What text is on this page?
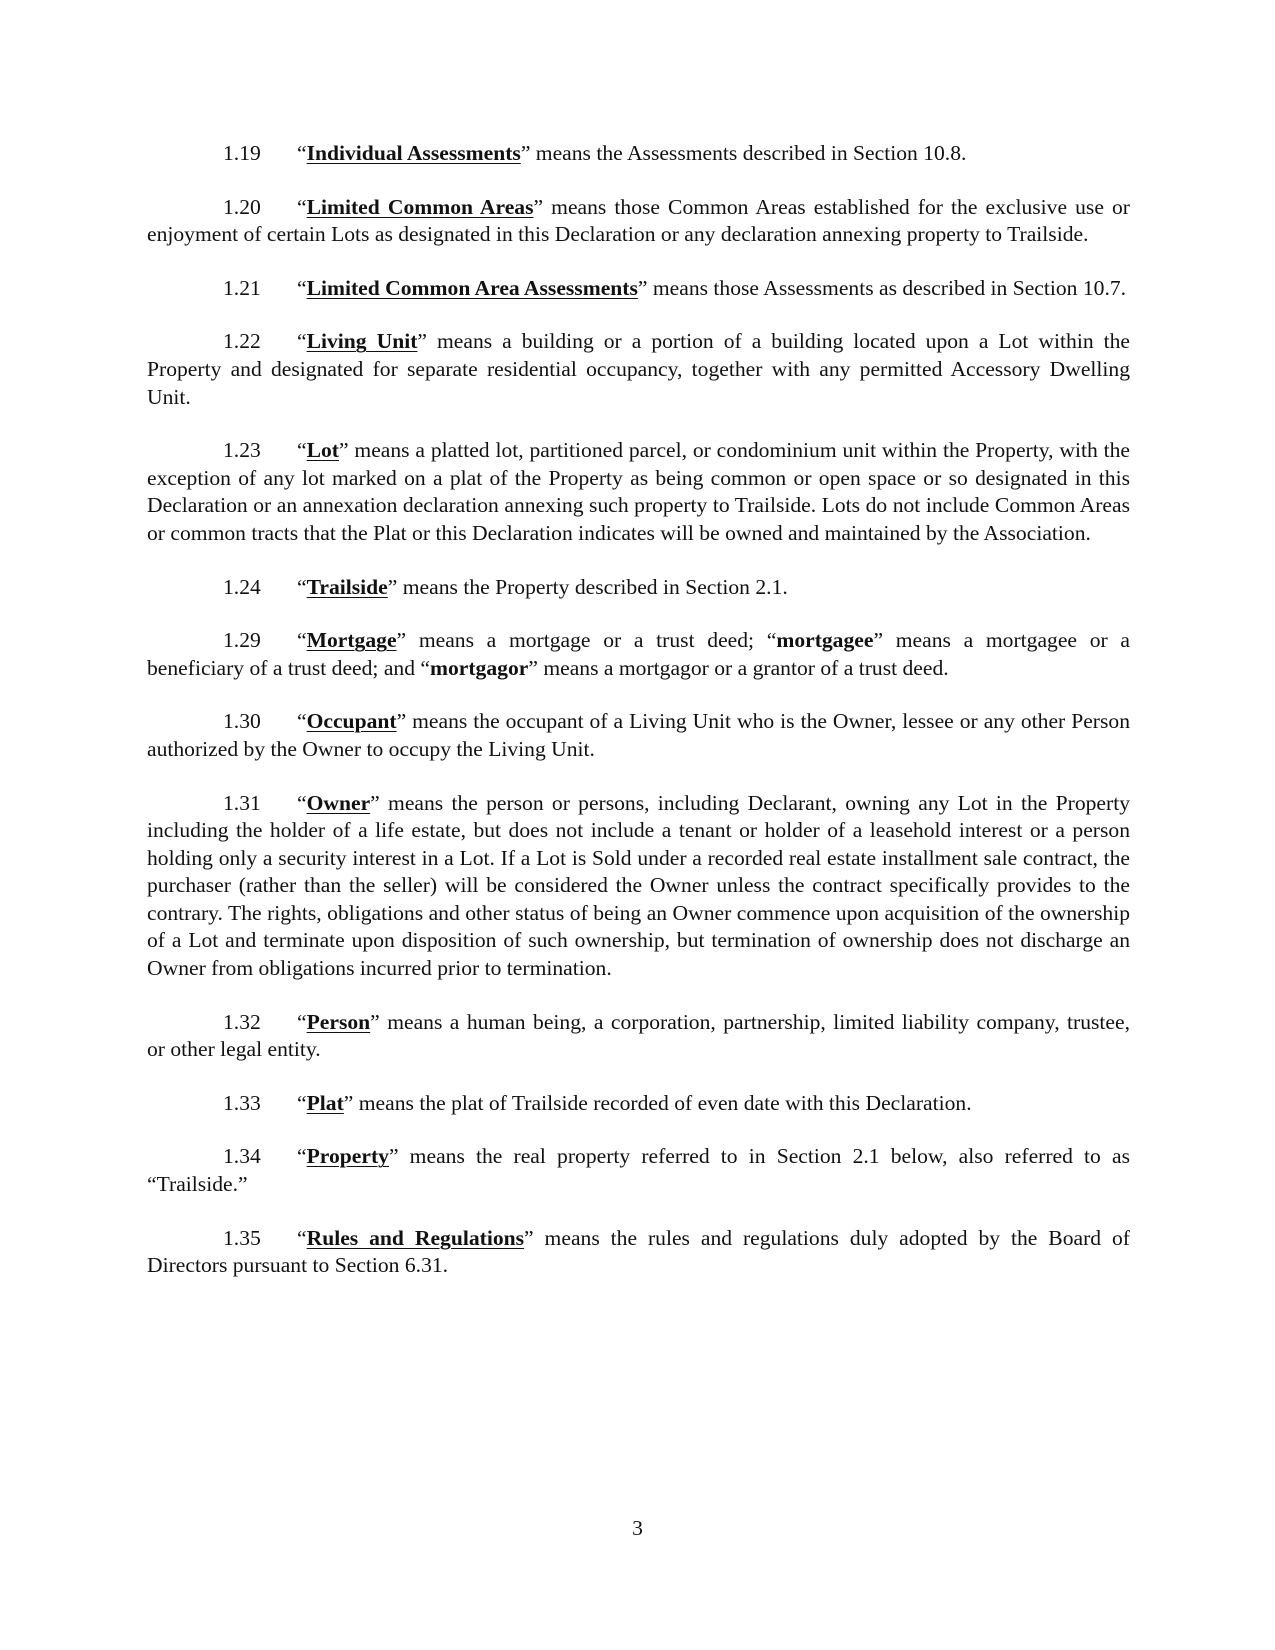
1.19 “Individual Assessments” means the Assessments described in Section 10.8.

1.20 “Limited Common Areas” means those Common Areas established for the exclusive use or enjoyment of certain Lots as designated in this Declaration or any declaration annexing property to Trailside.

1.21 “Limited Common Area Assessments” means those Assessments as described in Section 10.7.

1.22 “Living Unit” means a building or a portion of a building located upon a Lot within the Property and designated for separate residential occupancy, together with any permitted Accessory Dwelling Unit.

1.23 “Lot” means a platted lot, partitioned parcel, or condominium unit within the Property, with the exception of any lot marked on a plat of the Property as being common or open space or so designated in this Declaration or an annexation declaration annexing such property to Trailside. Lots do not include Common Areas or common tracts that the Plat or this Declaration indicates will be owned and maintained by the Association.

1.24 “Trailside” means the Property described in Section 2.1.

1.29 “Mortgage” means a mortgage or a trust deed; “mortgagee” means a mortgagee or a beneficiary of a trust deed; and “mortgagor” means a mortgagor or a grantor of a trust deed.

1.30 “Occupant” means the occupant of a Living Unit who is the Owner, lessee or any other Person authorized by the Owner to occupy the Living Unit.

1.31 “Owner” means the person or persons, including Declarant, owning any Lot in the Property including the holder of a life estate, but does not include a tenant or holder of a leasehold interest or a person holding only a security interest in a Lot. If a Lot is Sold under a recorded real estate installment sale contract, the purchaser (rather than the seller) will be considered the Owner unless the contract specifically provides to the contrary. The rights, obligations and other status of being an Owner commence upon acquisition of the ownership of a Lot and terminate upon disposition of such ownership, but termination of ownership does not discharge an Owner from obligations incurred prior to termination.

1.32 “Person” means a human being, a corporation, partnership, limited liability company, trustee, or other legal entity.

1.33 “Plat” means the plat of Trailside recorded of even date with this Declaration.

1.34 “Property” means the real property referred to in Section 2.1 below, also referred to as “Trailside.”

1.35 “Rules and Regulations” means the rules and regulations duly adopted by the Board of Directors pursuant to Section 6.31.

3
